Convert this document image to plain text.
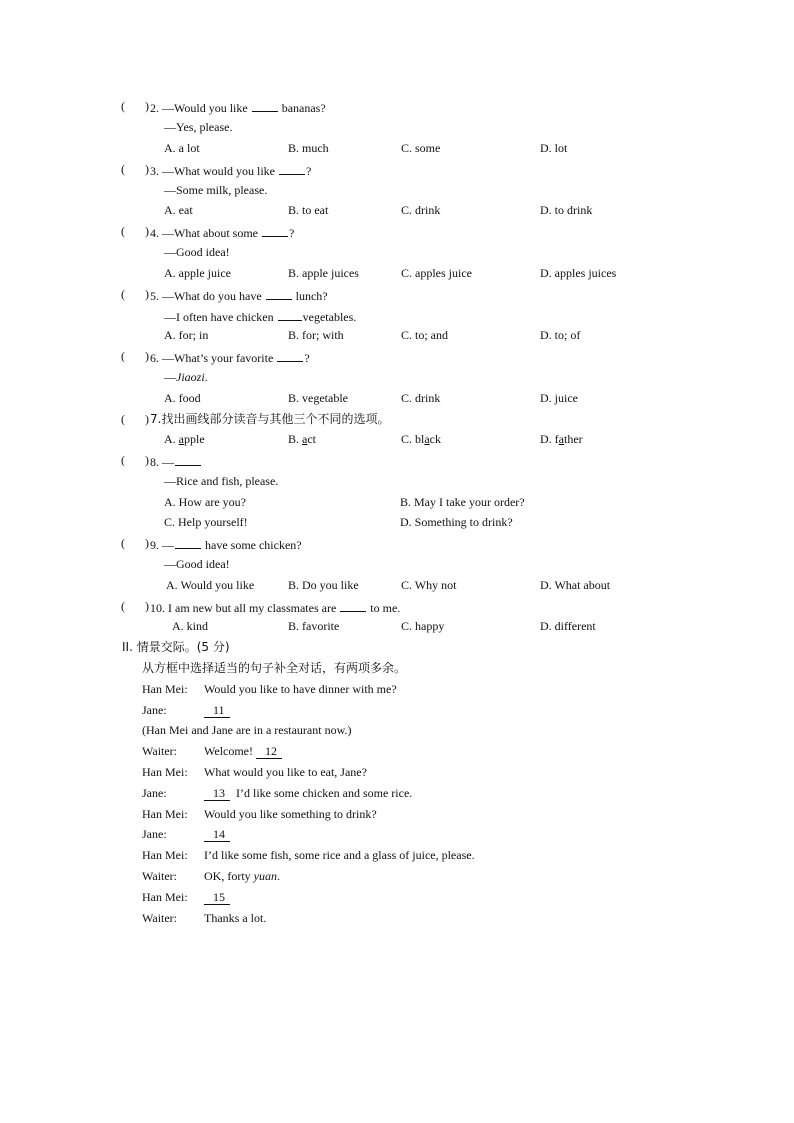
( ) 2. —Would you like	bananas?
—Yes, please.
A. a lot	B. much	C. some	D. lot
( ) 3. —What would you like	?
—Some milk, please.
A. eat	B. to eat	C. drink	D. to drink
( ) 4. —What about some	?
—Good idea!
A. apple juice	B. apple juices	C. apples juice	D. apples juices
( ) 5. —What do you have	lunch?
—I often have chicken vegetables.
A. for; in	B. for; with	C. to; and	D. to; of
( ) 6. —What’s your favorite	?
—Jiaozi.
A. food	B. vegetable	C. drink	D. juice
( ) 7.找出画线部分读音与其他三个不同的选项。
A. apple	B. act	C. black	D. father
( ) 8. —
—Rice and fish, please.
A. How are you?	B. May I take your order?
C. Help yourself!	D. Something to drink?
( ) 9. —	have some chicken?
—Good idea!
A. Would you like	B. Do you like	C. Why not	D. What about
( ) 10. I am new but all my classmates are	to me.
A. kind	B. favorite	C. happy	D. different
II. 情景交际。(5 分)
从方框中选择适当的句子补全对话，有两项多余。
Han Mei: Would you like to have dinner with me?
Jane:	11
(Han Mei and Jane are in a restaurant now.)
Waiter: Welcome! 12
Han Mei: What would you like to eat, Jane?
Jane:	13 I’d like some chicken and some rice.
Han Mei: Would you like something to drink?
Jane:	14
Han Mei: I’d like some fish, some rice and a glass of juice, please.
Waiter: OK, forty yuan.
Han Mei:	15
Waiter: Thanks a lot.
